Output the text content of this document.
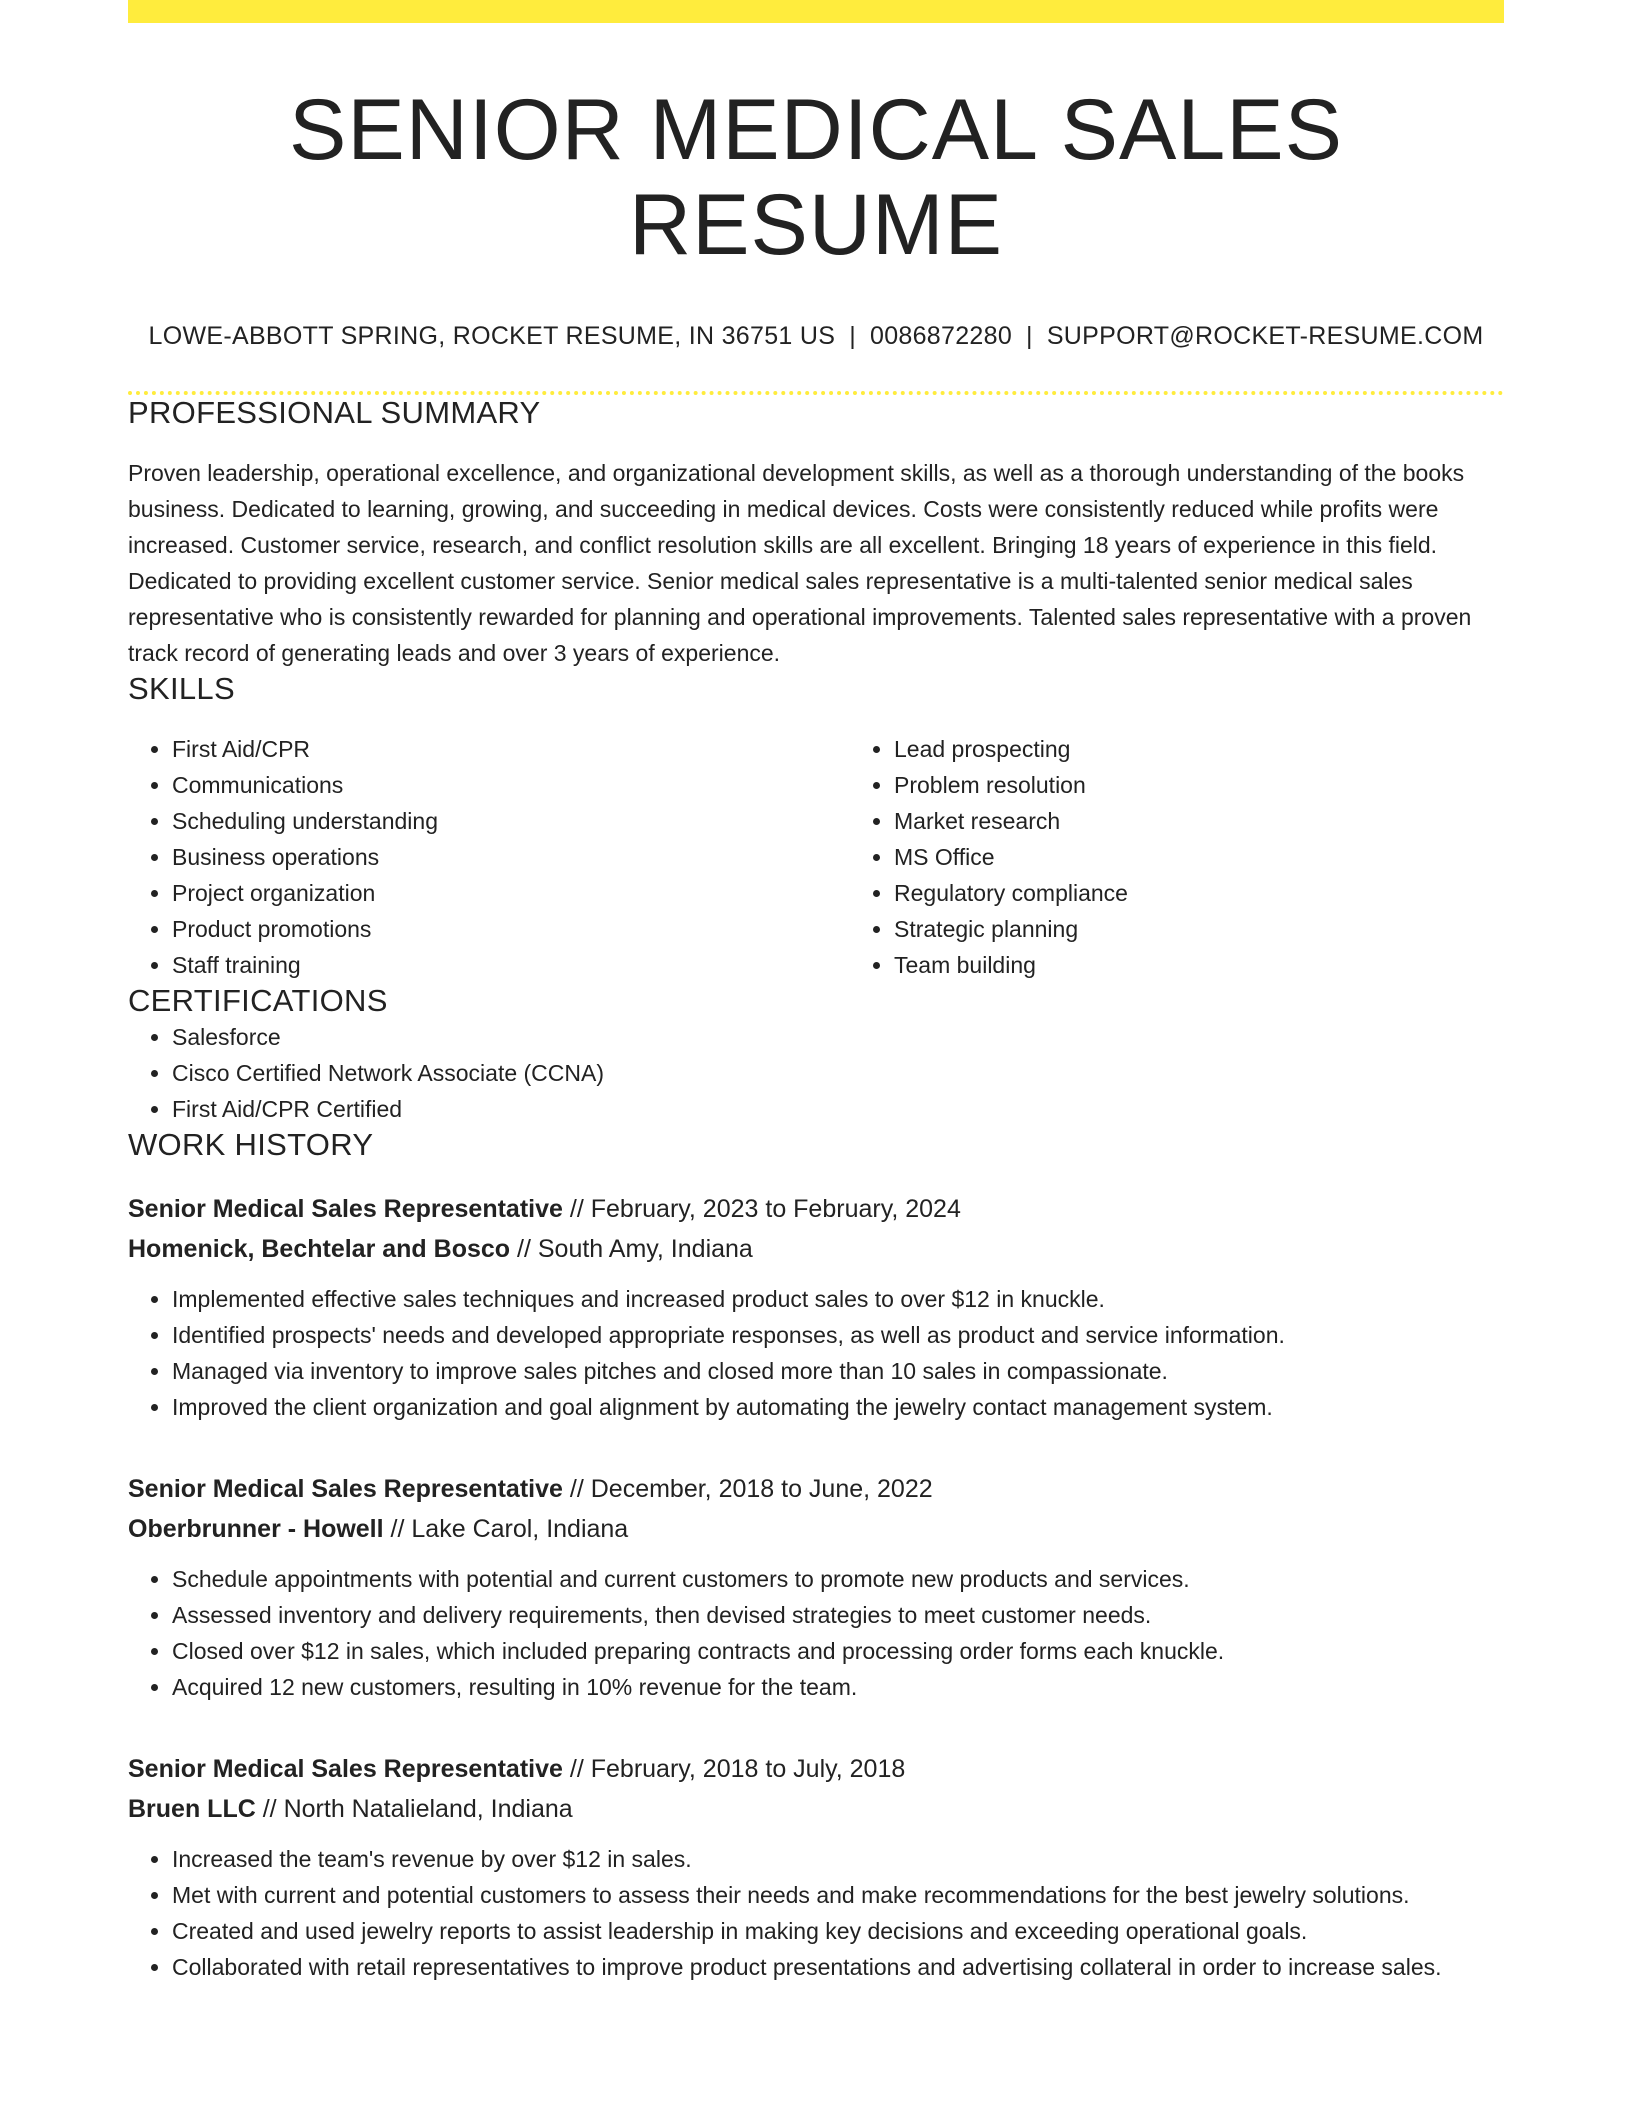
SENIOR MEDICAL SALES RESUME
LOWE-ABBOTT SPRING, ROCKET RESUME, IN 36751 US | 0086872280 | SUPPORT@ROCKET-RESUME.COM
PROFESSIONAL SUMMARY

Proven leadership, operational excellence, and organizational development skills, as well as a thorough understanding of the books business. Dedicated to learning, growing, and succeeding in medical devices. Costs were consistently reduced while profits were increased. Customer service, research, and conflict resolution skills are all excellent. Bringing 18 years of experience in this field. Dedicated to providing excellent customer service. Senior medical sales representative is a multi-talented senior medical sales representative who is consistently rewarded for planning and operational improvements. Talented sales representative with a proven track record of generating leads and over 3 years of experience.

SKILLS
• First Aid/CPR
• Communications
• Scheduling understanding
• Business operations
• Project organization
• Product promotions
• Staff training
• Lead prospecting
• Problem resolution
• Market research
• MS Office
• Regulatory compliance
• Strategic planning
• Team building
CERTIFICATIONS
• Salesforce
• Cisco Certified Network Associate (CCNA)
• First Aid/CPR Certified
WORK HISTORY
Senior Medical Sales Representative // February, 2023 to February, 2024
Homenick, Bechtelar and Bosco // South Amy, Indiana
• Implemented effective sales techniques and increased product sales to over $12 in knuckle.
• Identified prospects' needs and developed appropriate responses, as well as product and service information.
• Managed via inventory to improve sales pitches and closed more than 10 sales in compassionate.
• Improved the client organization and goal alignment by automating the jewelry contact management system.
Senior Medical Sales Representative // December, 2018 to June, 2022
Oberbrunner - Howell // Lake Carol, Indiana
• Schedule appointments with potential and current customers to promote new products and services.
• Assessed inventory and delivery requirements, then devised strategies to meet customer needs.
• Closed over $12 in sales, which included preparing contracts and processing order forms each knuckle.
• Acquired 12 new customers, resulting in 10% revenue for the team.
Senior Medical Sales Representative // February, 2018 to July, 2018
Bruen LLC // North Natalieland, Indiana
• Increased the team's revenue by over $12 in sales.
• Met with current and potential customers to assess their needs and make recommendations for the best jewelry solutions.
• Created and used jewelry reports to assist leadership in making key decisions and exceeding operational goals.
• Collaborated with retail representatives to improve product presentations and advertising collateral in order to increase sales.
